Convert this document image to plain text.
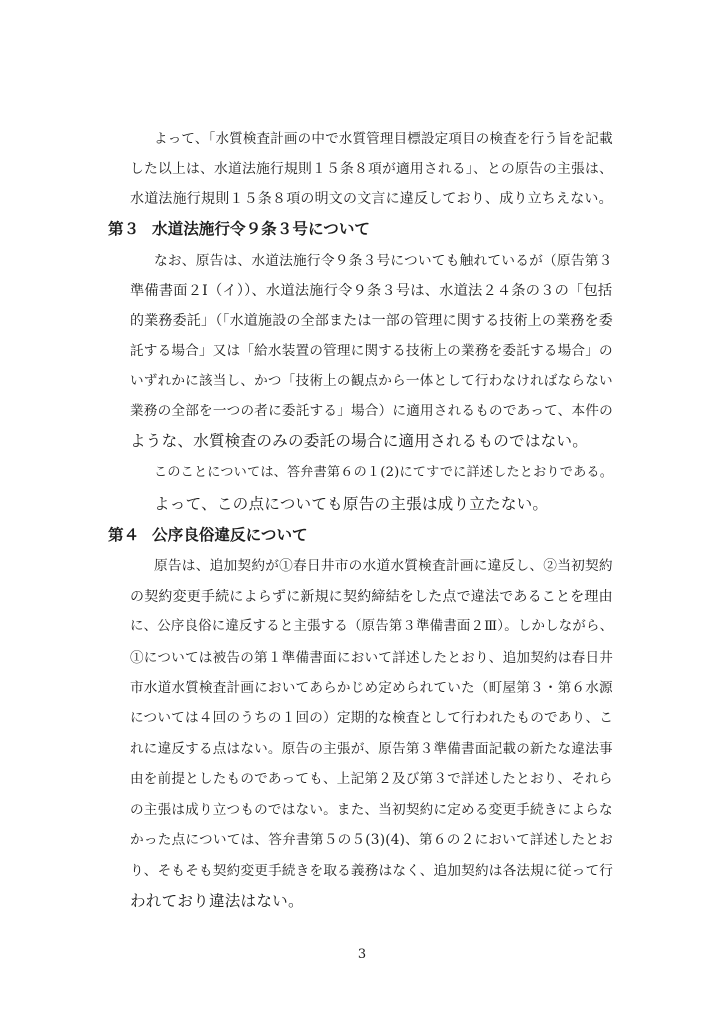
よって、「水質検査計画の中で水質管理目標設定項目の検査を行う旨を記載
した以上は、水道法施行規則１５条８項が適用される」、との原告の主張は、
水道法施行規則１５条８項の明文の文言に違反しており、成り立ちえない。
第３ 水道法施行令９条３号について
なお、原告は、水道法施行令９条３号についても触れているが（原告第３
準備書面２Ⅰ（イ））、水道法施行令９条３号は、水道法２４条の３の「包括
的業務委託」（「水道施設の全部または一部の管理に関する技術上の業務を委
託する場合」又は「給水装置の管理に関する技術上の業務を委託する場合」の
いずれかに該当し、かつ「技術上の観点から一体として行わなければならない
業務の全部を一つの者に委託する」場合）に適用されるものであって、本件の
ような、水質検査のみの委託の場合に適用されるものではない。
このことについては、答弁書第６の１(2)にてすでに詳述したとおりである。
よって、この点についても原告の主張は成り立たない。
第４ 公序良俗違反について
原告は、追加契約が①春日井市の水道水質検査計画に違反し、②当初契約
の契約変更手続によらずに新規に契約締結をした点で違法であることを理由
に、公序良俗に違反すると主張する（原告第３準備書面２Ⅲ）。しかしながら、
①については被告の第１準備書面において詳述したとおり、追加契約は春日井
市水道水質検査計画においてあらかじめ定められていた（町屋第３・第６水源
については４回のうちの１回の）定期的な検査として行われたものであり、こ
れに違反する点はない。原告の主張が、原告第３準備書面記載の新たな違法事
由を前提としたものであっても、上記第２及び第３で詳述したとおり、それら
の主張は成り立つものではない。また、当初契約に定める変更手続きによらな
かった点については、答弁書第５の５(3)(4)、第６の２において詳述したとお
り、そもそも契約変更手続きを取る義務はなく、追加契約は各法規に従って行
われており違法はない。
3
